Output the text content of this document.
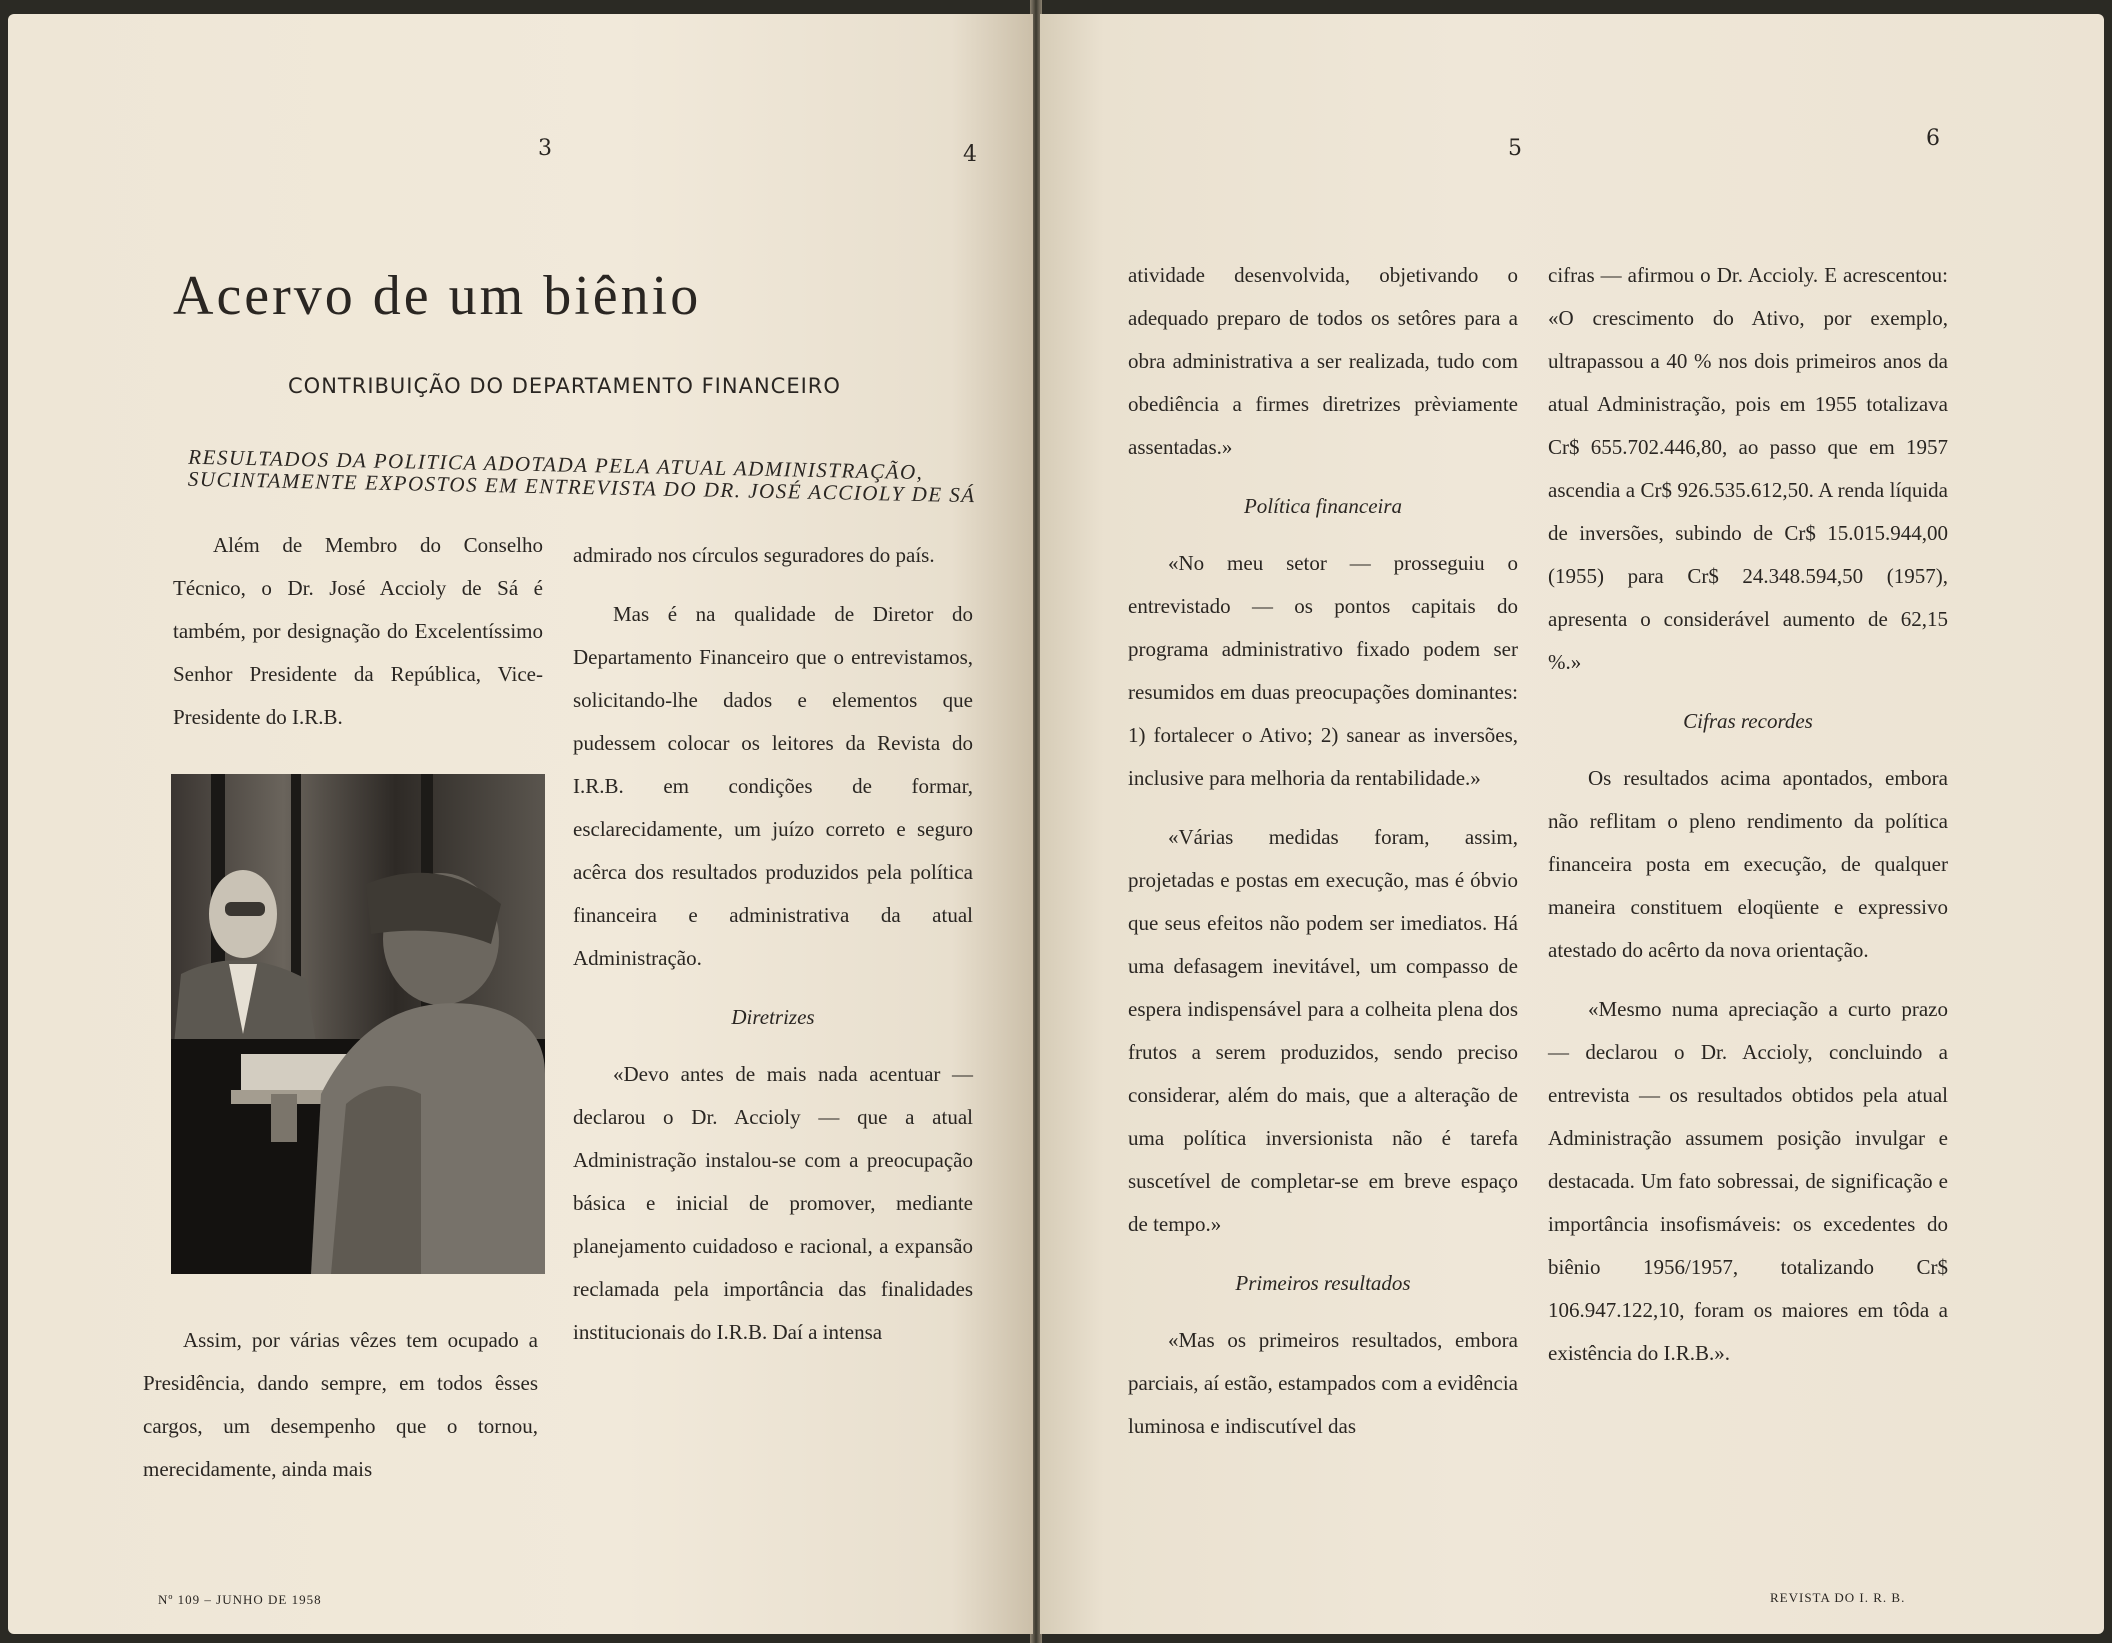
3	4
Acervo de um biênio
CONTRIBUIÇÃO DO DEPARTAMENTO FINANCEIRO
RESULTADOS DA POLITICA ADOTADA PELA ATUAL ADMINISTRAÇÃO, SUCINTAMENTE EXPOSTOS EM ENTREVISTA DO DR. JOSÉ ACCIOLY DE SÁ

Além de Membro do Conselho Técnico, o Dr. José Accioly de Sá é também, por designação do Excelentíssimo Senhor Presidente da República, Vice-Presidente do I.R.B.

Assim, por várias vêzes tem ocupado a Presidência, dando sempre, em todos êsses cargos, um desempenho que o tornou, merecidamente, ainda mais

admirado nos círculos seguradores do país.

Mas é na qualidade de Diretor do Departamento Financeiro que o entrevistamos, solicitando-lhe dados e elementos que pudessem colocar os leitores da Revista do I.R.B. em condições de formar, esclarecidamente, um juízo correto e seguro acêrca dos resultados produzidos pela política financeira e administrativa da atual Administração.

Diretrizes

«Devo antes de mais nada acentuar — declarou o Dr. Accioly — que a atual Administração instalou-se com a preocupação básica e inicial de promover, mediante planejamento cuidadoso e racional, a expansão reclamada pela importância das finalidades institucionais do I.R.B. Daí a intensa

Nº 109 – JUNHO DE 1958
5	6

atividade desenvolvida, objetivando o adequado preparo de todos os setôres para a obra administrativa a ser realizada, tudo com obediência a firmes diretrizes prèviamente assentadas.»

Política financeira

«No meu setor — prosseguiu o entrevistado — os pontos capitais do programa administrativo fixado podem ser resumidos em duas preocupações dominantes: 1) fortalecer o Ativo; 2) sanear as inversões, inclusive para melhoria da rentabilidade.»

«Várias medidas foram, assim, projetadas e postas em execução, mas é óbvio que seus efeitos não podem ser imediatos. Há uma defasagem inevitável, um compasso de espera indispensável para a colheita plena dos frutos a serem produzidos, sendo preciso considerar, além do mais, que a alteração de uma política inversionista não é tarefa suscetível de completar-se em breve espaço de tempo.»

Primeiros resultados

«Mas os primeiros resultados, embora parciais, aí estão, estampados com a evidência luminosa e indiscutível das

cifras — afirmou o Dr. Accioly. E acrescentou: «O crescimento do Ativo, por exemplo, ultrapassou a 40 % nos dois primeiros anos da atual Administração, pois em 1955 totalizava Cr$ 655.702.446,80, ao passo que em 1957 ascendia a Cr$ 926.535.612,50. A renda líquida de inversões, subindo de Cr$ 15.015.944,00 (1955) para Cr$ 24.348.594,50 (1957), apresenta o considerável aumento de 62,15 %.»

Cifras recordes

Os resultados acima apontados, embora não reflitam o pleno rendimento da política financeira posta em execução, de qualquer maneira constituem eloqüente e expressivo atestado do acêrto da nova orientação.

«Mesmo numa apreciação a curto prazo — declarou o Dr. Accioly, concluindo a entrevista — os resultados obtidos pela atual Administração assumem posição invulgar e destacada. Um fato sobressai, de significação e importância insofismáveis: os excedentes do biênio 1956/1957, totalizando Cr$ 106.947.122,10, foram os maiores em tôda a existência do I.R.B.».

REVISTA DO I. R. B.
